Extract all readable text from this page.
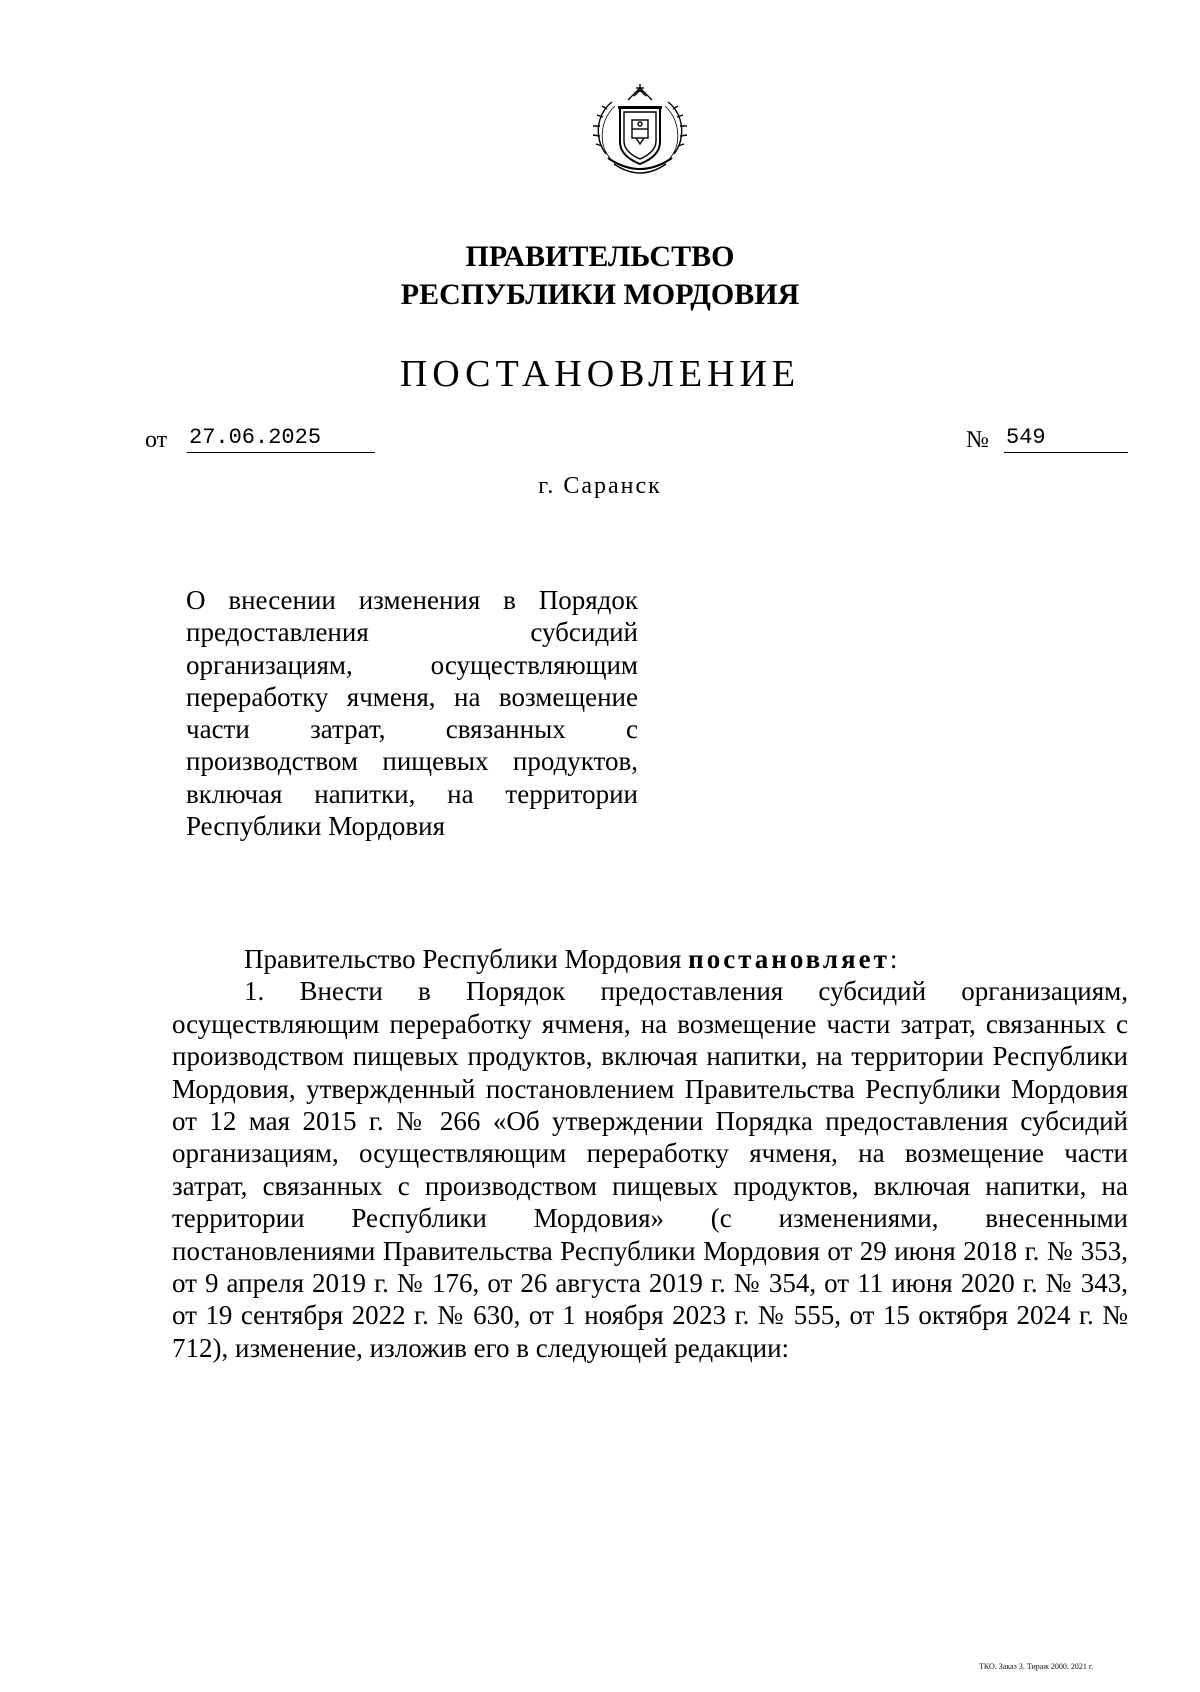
ПРАВИТЕЛЬСТВО
РЕСПУБЛИКИ МОРДОВИЯ
ПОСТАНОВЛЕНИЕ
от 27.06.2025	№ 549
г. Саранск
О внесении изменения в Порядок предоставления субсидий организациям, осуществляющим переработку ячменя, на возмещение части затрат, связанных с производством пищевых продуктов, включая напитки, на территории Республики Мордовия

Правительство Республики Мордовия постановляет:

1. Внести в Порядок предоставления субсидий организациям, осуществляющим переработку ячменя, на возмещение части затрат, связанных с производством пищевых продуктов, включая напитки, на территории Республики Мордовия, утвержденный постановлением Правительства Республики Мордовия от 12 мая 2015 г. № 266 «Об утверждении Порядка предоставления субсидий организациям, осуществляющим переработку ячменя, на возмещение части затрат, связанных с производством пищевых продуктов, включая напитки, на территории Республики Мордовия» (с изменениями, внесенными постановлениями Правительства Республики Мордовия от 29 июня 2018 г. № 353, от 9 апреля 2019 г. № 176, от 26 августа 2019 г. № 354, от 11 июня 2020 г. № 343, от 19 сентября 2022 г. № 630, от 1 ноября 2023 г. № 555, от 15 октября 2024 г. № 712), изменение, изложив его в следующей редакции:

ТКО. Заказ 3. Тираж 2000. 2021 г.
